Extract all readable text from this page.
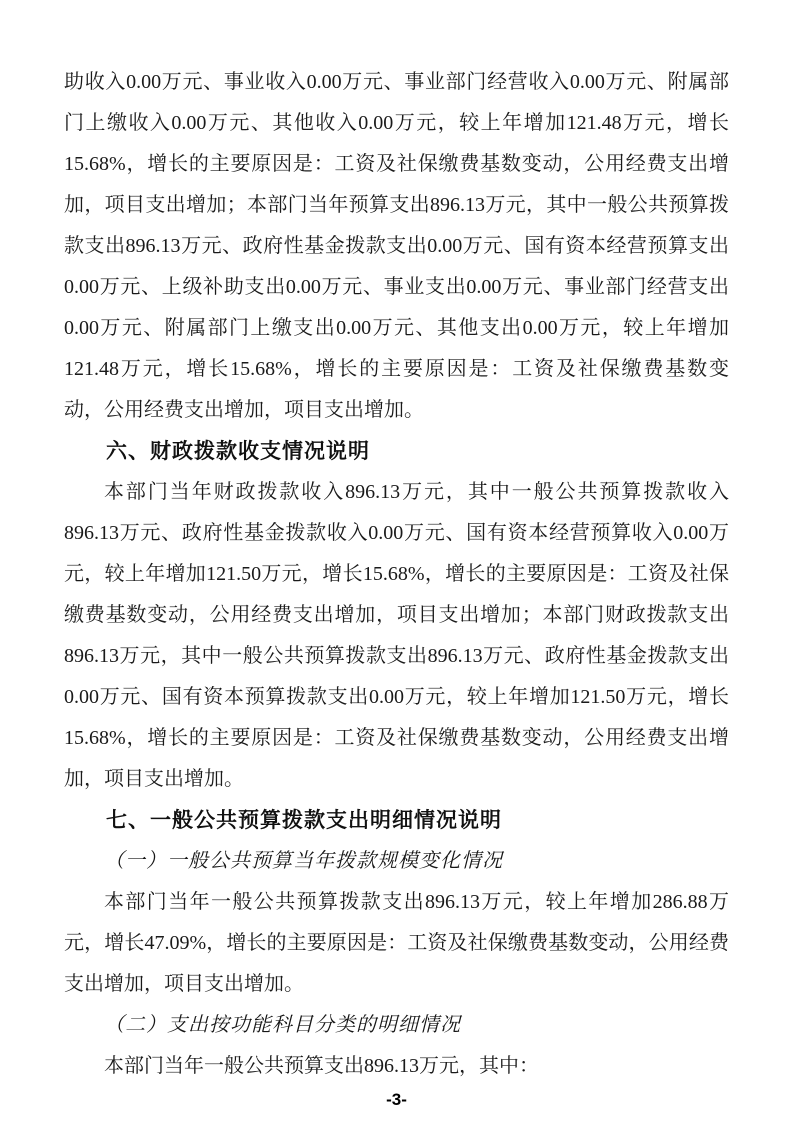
助收入0.00万元、事业收入0.00万元、事业部门经营收入0.00万元、附属部
门上缴收入0.00万元、其他收入0.00万元，较上年增加121.48万元，增长
15.68%，增长的主要原因是：工资及社保缴费基数变动，公用经费支出增
加，项目支出增加；本部门当年预算支出896.13万元，其中一般公共预算拨
款支出896.13万元、政府性基金拨款支出0.00万元、国有资本经营预算支出
0.00万元、上级补助支出0.00万元、事业支出0.00万元、事业部门经营支出
0.00万元、附属部门上缴支出0.00万元、其他支出0.00万元，较上年增加
121.48万元，增长15.68%，增长的主要原因是：工资及社保缴费基数变
动，公用经费支出增加，项目支出增加。
六、财政拨款收支情况说明
本部门当年财政拨款收入896.13万元，其中一般公共预算拨款收入
896.13万元、政府性基金拨款收入0.00万元、国有资本经营预算收入0.00万
元，较上年增加121.50万元，增长15.68%，增长的主要原因是：工资及社保
缴费基数变动，公用经费支出增加，项目支出增加；本部门财政拨款支出
896.13万元，其中一般公共预算拨款支出896.13万元、政府性基金拨款支出
0.00万元、国有资本预算拨款支出0.00万元，较上年增加121.50万元，增长
15.68%，增长的主要原因是：工资及社保缴费基数变动，公用经费支出增
加，项目支出增加。
七、一般公共预算拨款支出明细情况说明
（一）一般公共预算当年拨款规模变化情况
本部门当年一般公共预算拨款支出896.13万元，较上年增加286.88万
元，增长47.09%，增长的主要原因是：工资及社保缴费基数变动，公用经费
支出增加，项目支出增加。
（二）支出按功能科目分类的明细情况
本部门当年一般公共预算支出896.13万元，其中：
-3-
